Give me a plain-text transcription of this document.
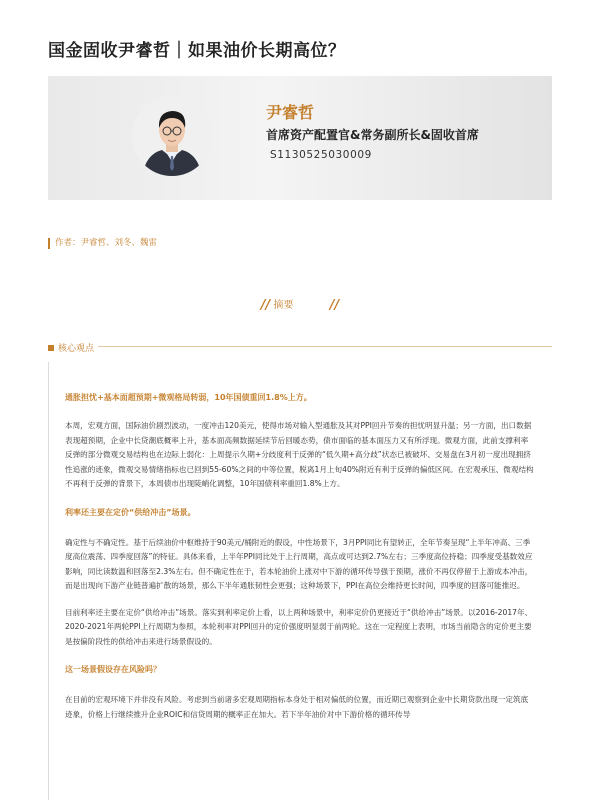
国金固收尹睿哲｜如果油价长期高位？
尹睿哲
首席资产配置官&常务副所长&固收首席
S1130525030009
作者：尹睿哲、刘冬、魏雷
// 摘要	//
核心观点

通胀担忧+基本面超预期+微观格局转弱，10年国债重回1.8%上方。

本周，宏观方面，国际油价剧烈波动，一度冲击120美元，使得市场对输入型通胀及其对PPI回升节奏的担忧明显升温；另一方面，出口数据表现超预期，企业中长贷潮底概率上升，基本面高频数据延续节后回暖态势，债市面临的基本面压力又有所浮现。微观方面，此前支撑利率反弹的部分微观交易结构也在边际上弱化：上周提示久期+分歧度利于反弹的“低久期+高分歧”状态已被破坏、交易盘在3月初一度出现拥挤性追涨的迹象，微观交易情绪指标也已回到55-60%之间的中等位置，脱离1月上旬40%附近有利于反弹的偏低区间。在宏观承压、微观结构不再利于反弹的背景下，本周债市出现陡峭化调整，10年国债利率重回1.8%上方。

利率还主要在定价“供给冲击”场景。

确定性与不确定性。基于后续油价中枢维持于90美元/桶附近的假设，中性场景下，3月PPI同比有望转正，全年节奏呈现“上半年冲高、三季度高位震荡、四季度回落”的特征。具体来看，上半年PPI同比处于上行周期，高点或可达到2.7%左右；三季度高位持稳；四季度受基数效应影响，同比读数温和回落至2.3%左右。但不确定性在于，若本轮油价上涨对中下游的循环传导强于预期，涨价不再仅停留于上游成本冲击，而是出现向下游产业链普遍扩散的场景，那么下半年通胀韧性会更强；这种场景下，PPI在高位会维持更长时间，四季度的回落可能推迟。

目前利率还主要在定价“供给冲击”场景。落实到利率定价上看，以上两种场景中，利率定价仍更接近于“供给冲击”场景。以2016-2017年、2020-2021年两轮PPI上行周期为参照，本轮利率对PPI回升的定价强度明显弱于前两轮。这在一定程度上表明，市场当前隐含的定价更主要是按偏阶段性的供给冲击来进行场景假设的。

这一场景假设存在风险吗？

在目前的宏观环境下并非没有风险。考虑到当前诸多宏观周期指标本身处于相对偏低的位置，而近期已观察到企业中长期贷款出现一定筑底迹象，价格上行继续推升企业ROIC和信贷周期的概率正在加大。若下半年油价对中下游价格的循环传导
